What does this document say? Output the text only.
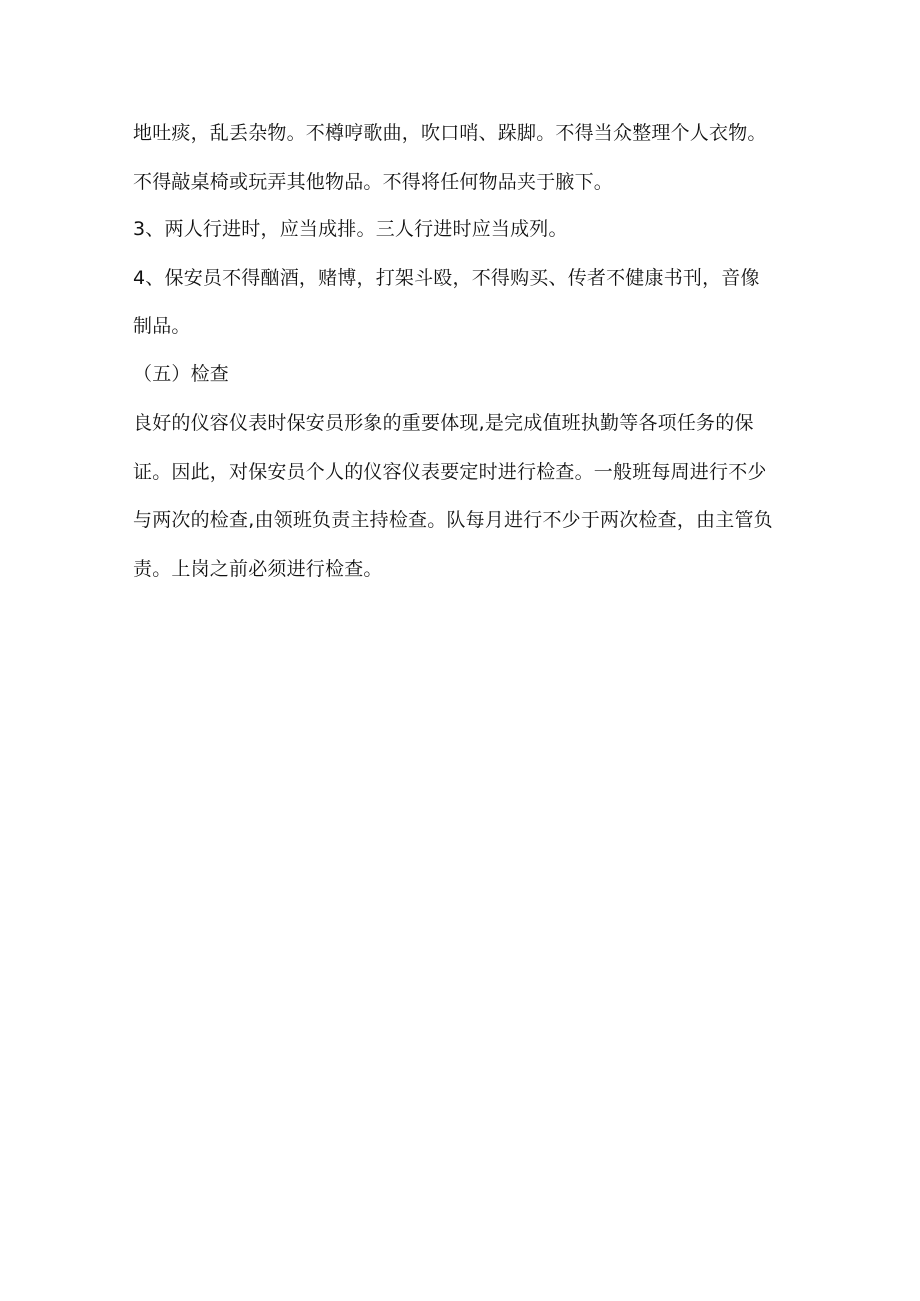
地吐痰，乱丢杂物。不樽哼歌曲，吹口哨、跺脚。不得当众整理个人衣物。
不得敲桌椅或玩弄其他物品。不得将任何物品夹于腋下。
3、两人行进时，应当成排。三人行进时应当成列。
4、保安员不得酗酒，赌博，打架斗殴，不得购买、传者不健康书刊，音像
制品。
（五）检查
良好的仪容仪表时保安员形象的重要体现,是完成值班执勤等各项任务的保
证。因此，对保安员个人的仪容仪表要定时进行检查。一般班每周进行不少
与两次的检查,由领班负责主持检查。队每月进行不少于两次检查，由主管负
责。上岗之前必须进行检查。
